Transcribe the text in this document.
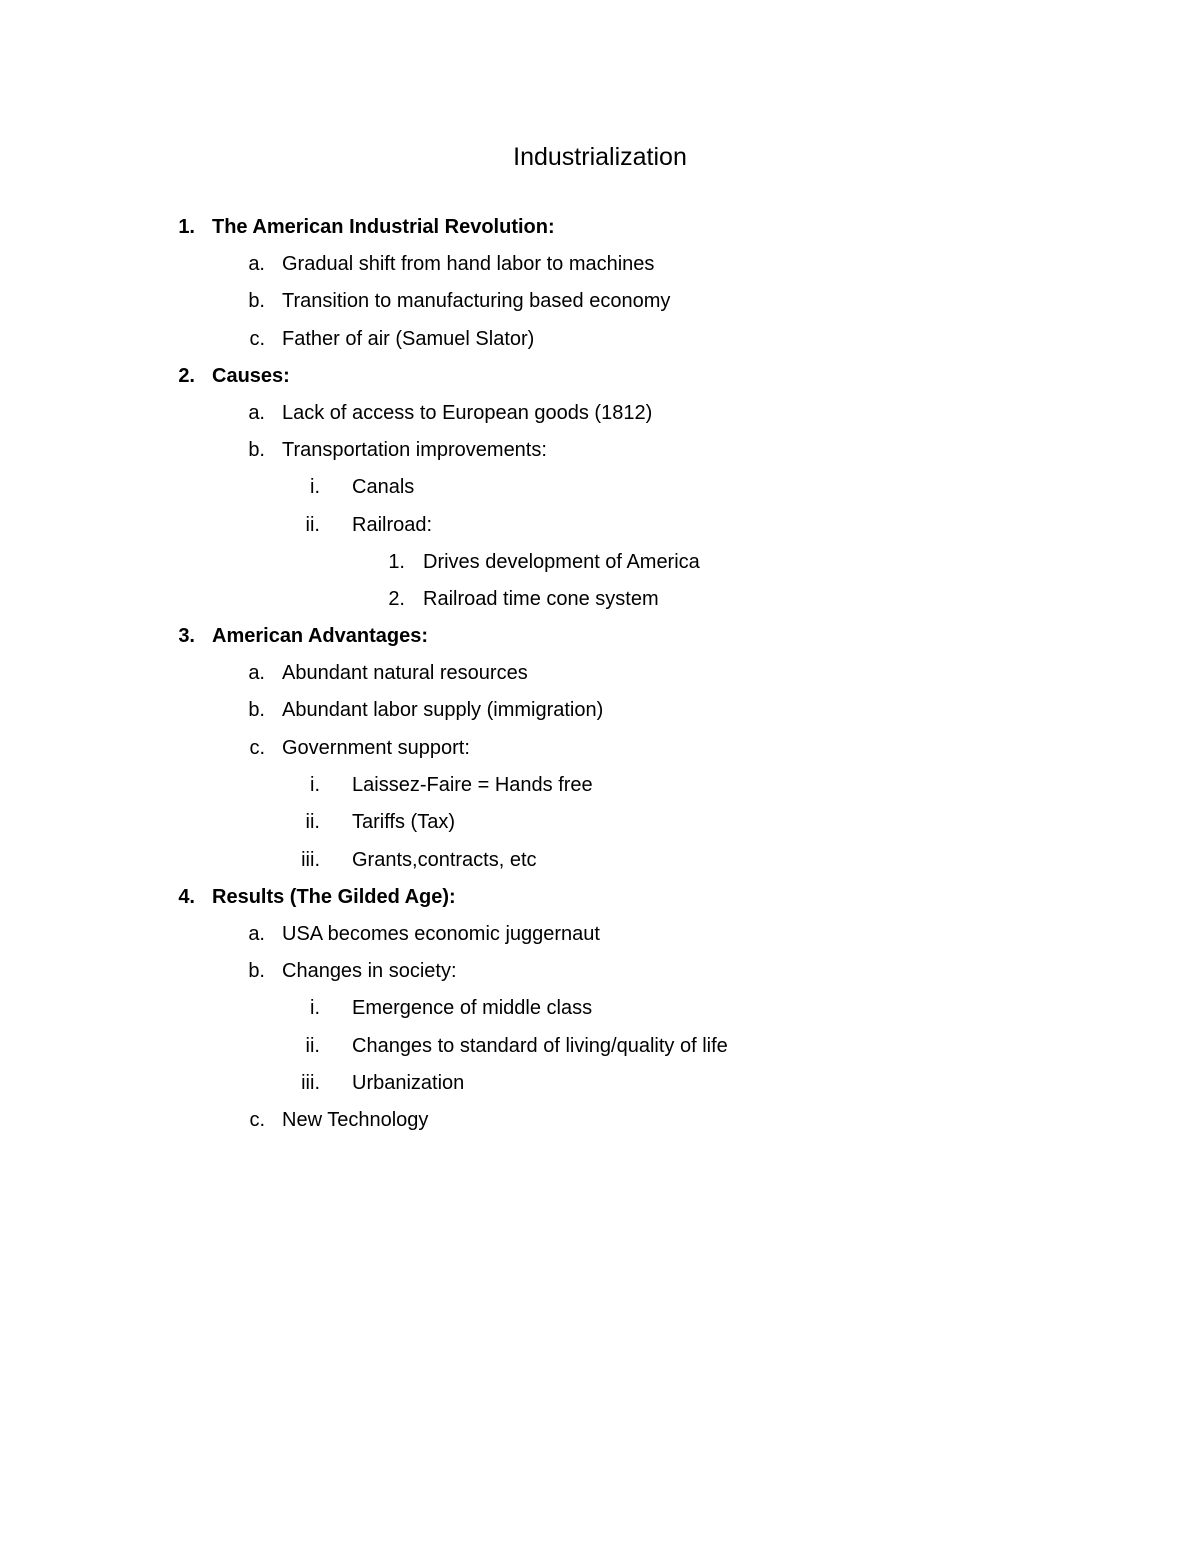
Industrialization
1. The American Industrial Revolution:
a. Gradual shift from hand labor to machines
b. Transition to manufacturing based economy
c. Father of air (Samuel Slator)
2. Causes:
a. Lack of access to European goods (1812)
b. Transportation improvements:
i. Canals
ii. Railroad:
1. Drives development of America
2. Railroad time cone system
3. American Advantages:
a. Abundant natural resources
b. Abundant labor supply (immigration)
c. Government support:
i. Laissez-Faire = Hands free
ii. Tariffs (Tax)
iii. Grants,contracts, etc
4. Results (The Gilded Age):
a. USA becomes economic juggernaut
b. Changes in society:
i. Emergence of middle class
ii. Changes to standard of living/quality of life
iii. Urbanization
c. New Technology
